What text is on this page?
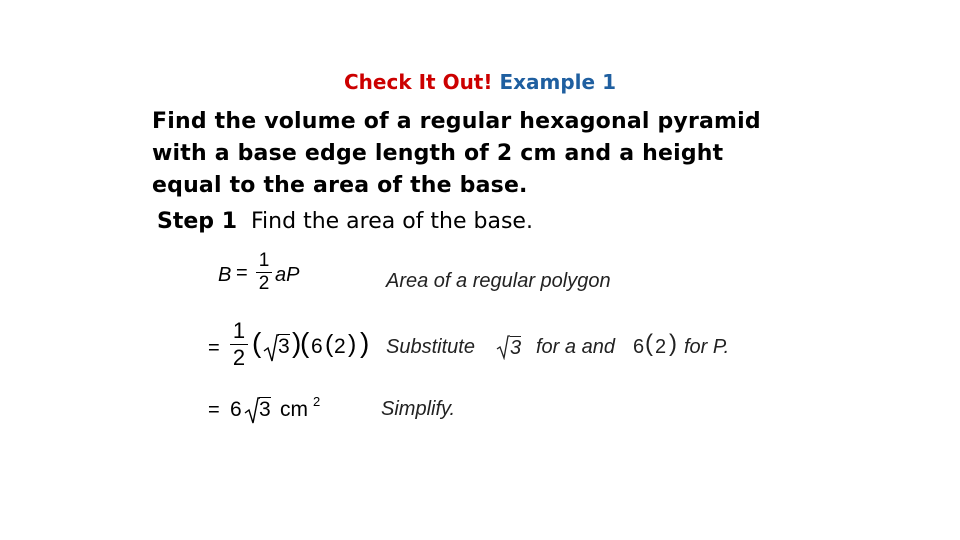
Check It Out! Example 1
Find the volume of a regular hexagonal pyramid
with a base edge length of 2 cm and a height
equal to the area of the base.
Step 1 Find the area of the base.
$B = \frac{1}{2}$ aP	Area of a regular polygon
= $\frac{1}{2}$ ( 3 )
( 6 ( 2 ) ) Substitute 3 for a and 6 ( 2 ) for P.
= 6 3 cm 2	Simplify.
